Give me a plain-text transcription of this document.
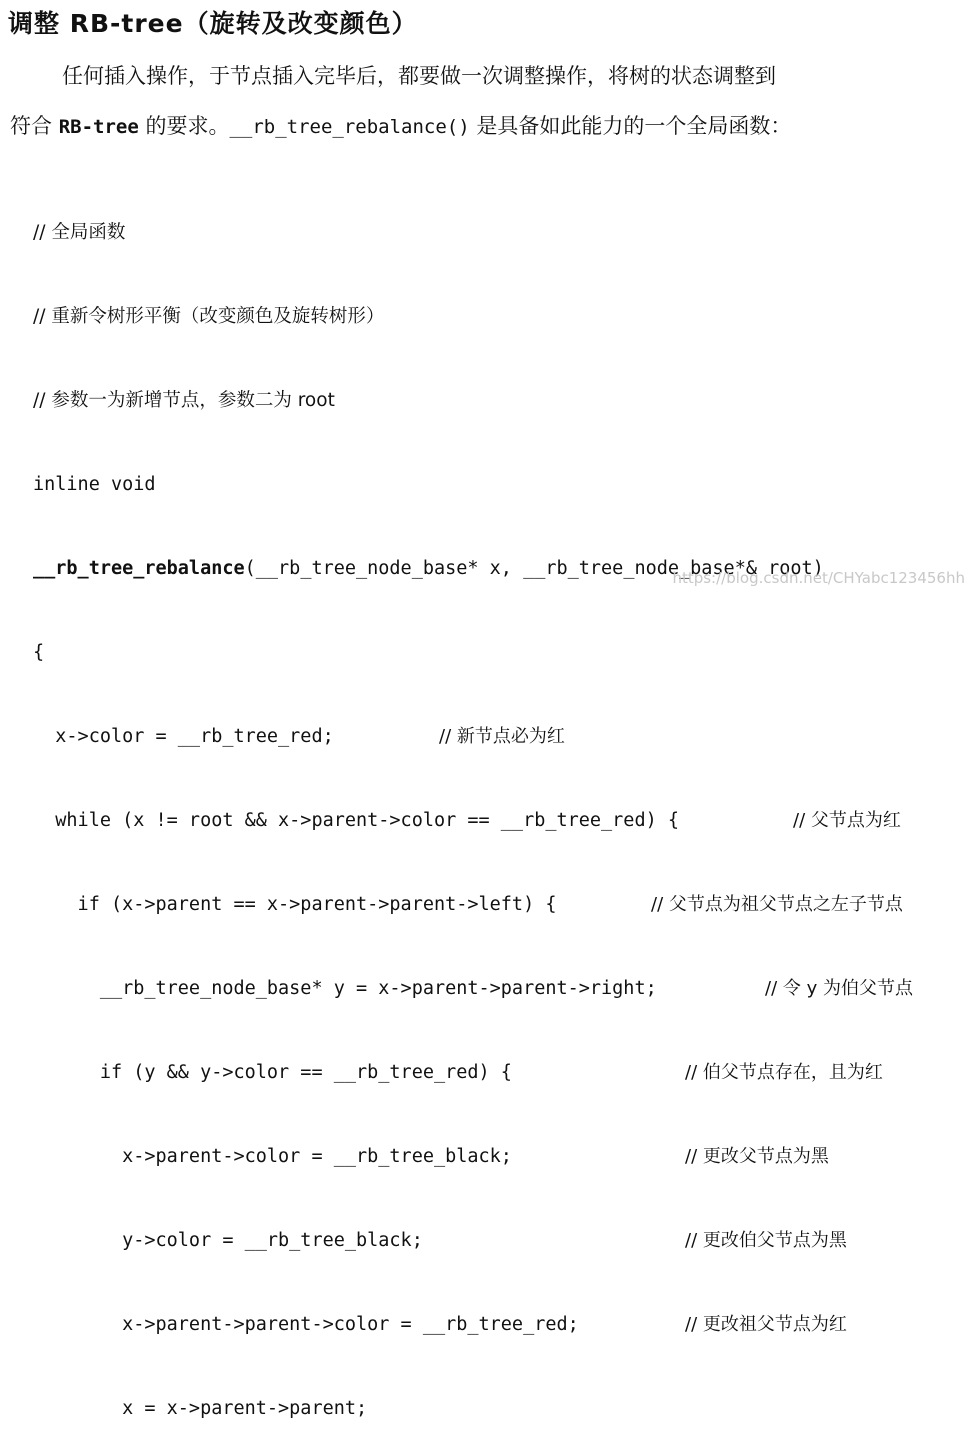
调整 RB-tree（旋转及改变颜色）
任何插入操作，于节点插入完毕后，都要做一次调整操作，将树的状态调整到
符合 RB-tree 的要求。__rb_tree_rebalance() 是具备如此能力的一个全局函数：

// 全局函数

// 重新令树形平衡（改变颜色及旋转树形）

// 参数一为新增节点，参数二为 root

inline void

__rb_tree_rebalance(__rb_tree_node_base* x, __rb_tree_node_base*& root)

{

x->color = __rb_tree_red;	// 新节点必为红

while (x != root && x->parent->color == __rb_tree_red) {	// 父节点为红

if (x->parent == x->parent->parent->left) {	// 父节点为祖父节点之左子节点

__rb_tree_node_base* y = x->parent->parent->right;	// 令 y 为伯父节点

if (y && y->color == __rb_tree_red) {	// 伯父节点存在，且为红

x->parent->color = __rb_tree_black;	// 更改父节点为黑

y->color = __rb_tree_black;	// 更改伯父节点为黑

x->parent->parent->color = __rb_tree_red;	// 更改祖父节点为红

x = x->parent->parent;

https://blog.csdn.net/CHYabc123456hh
